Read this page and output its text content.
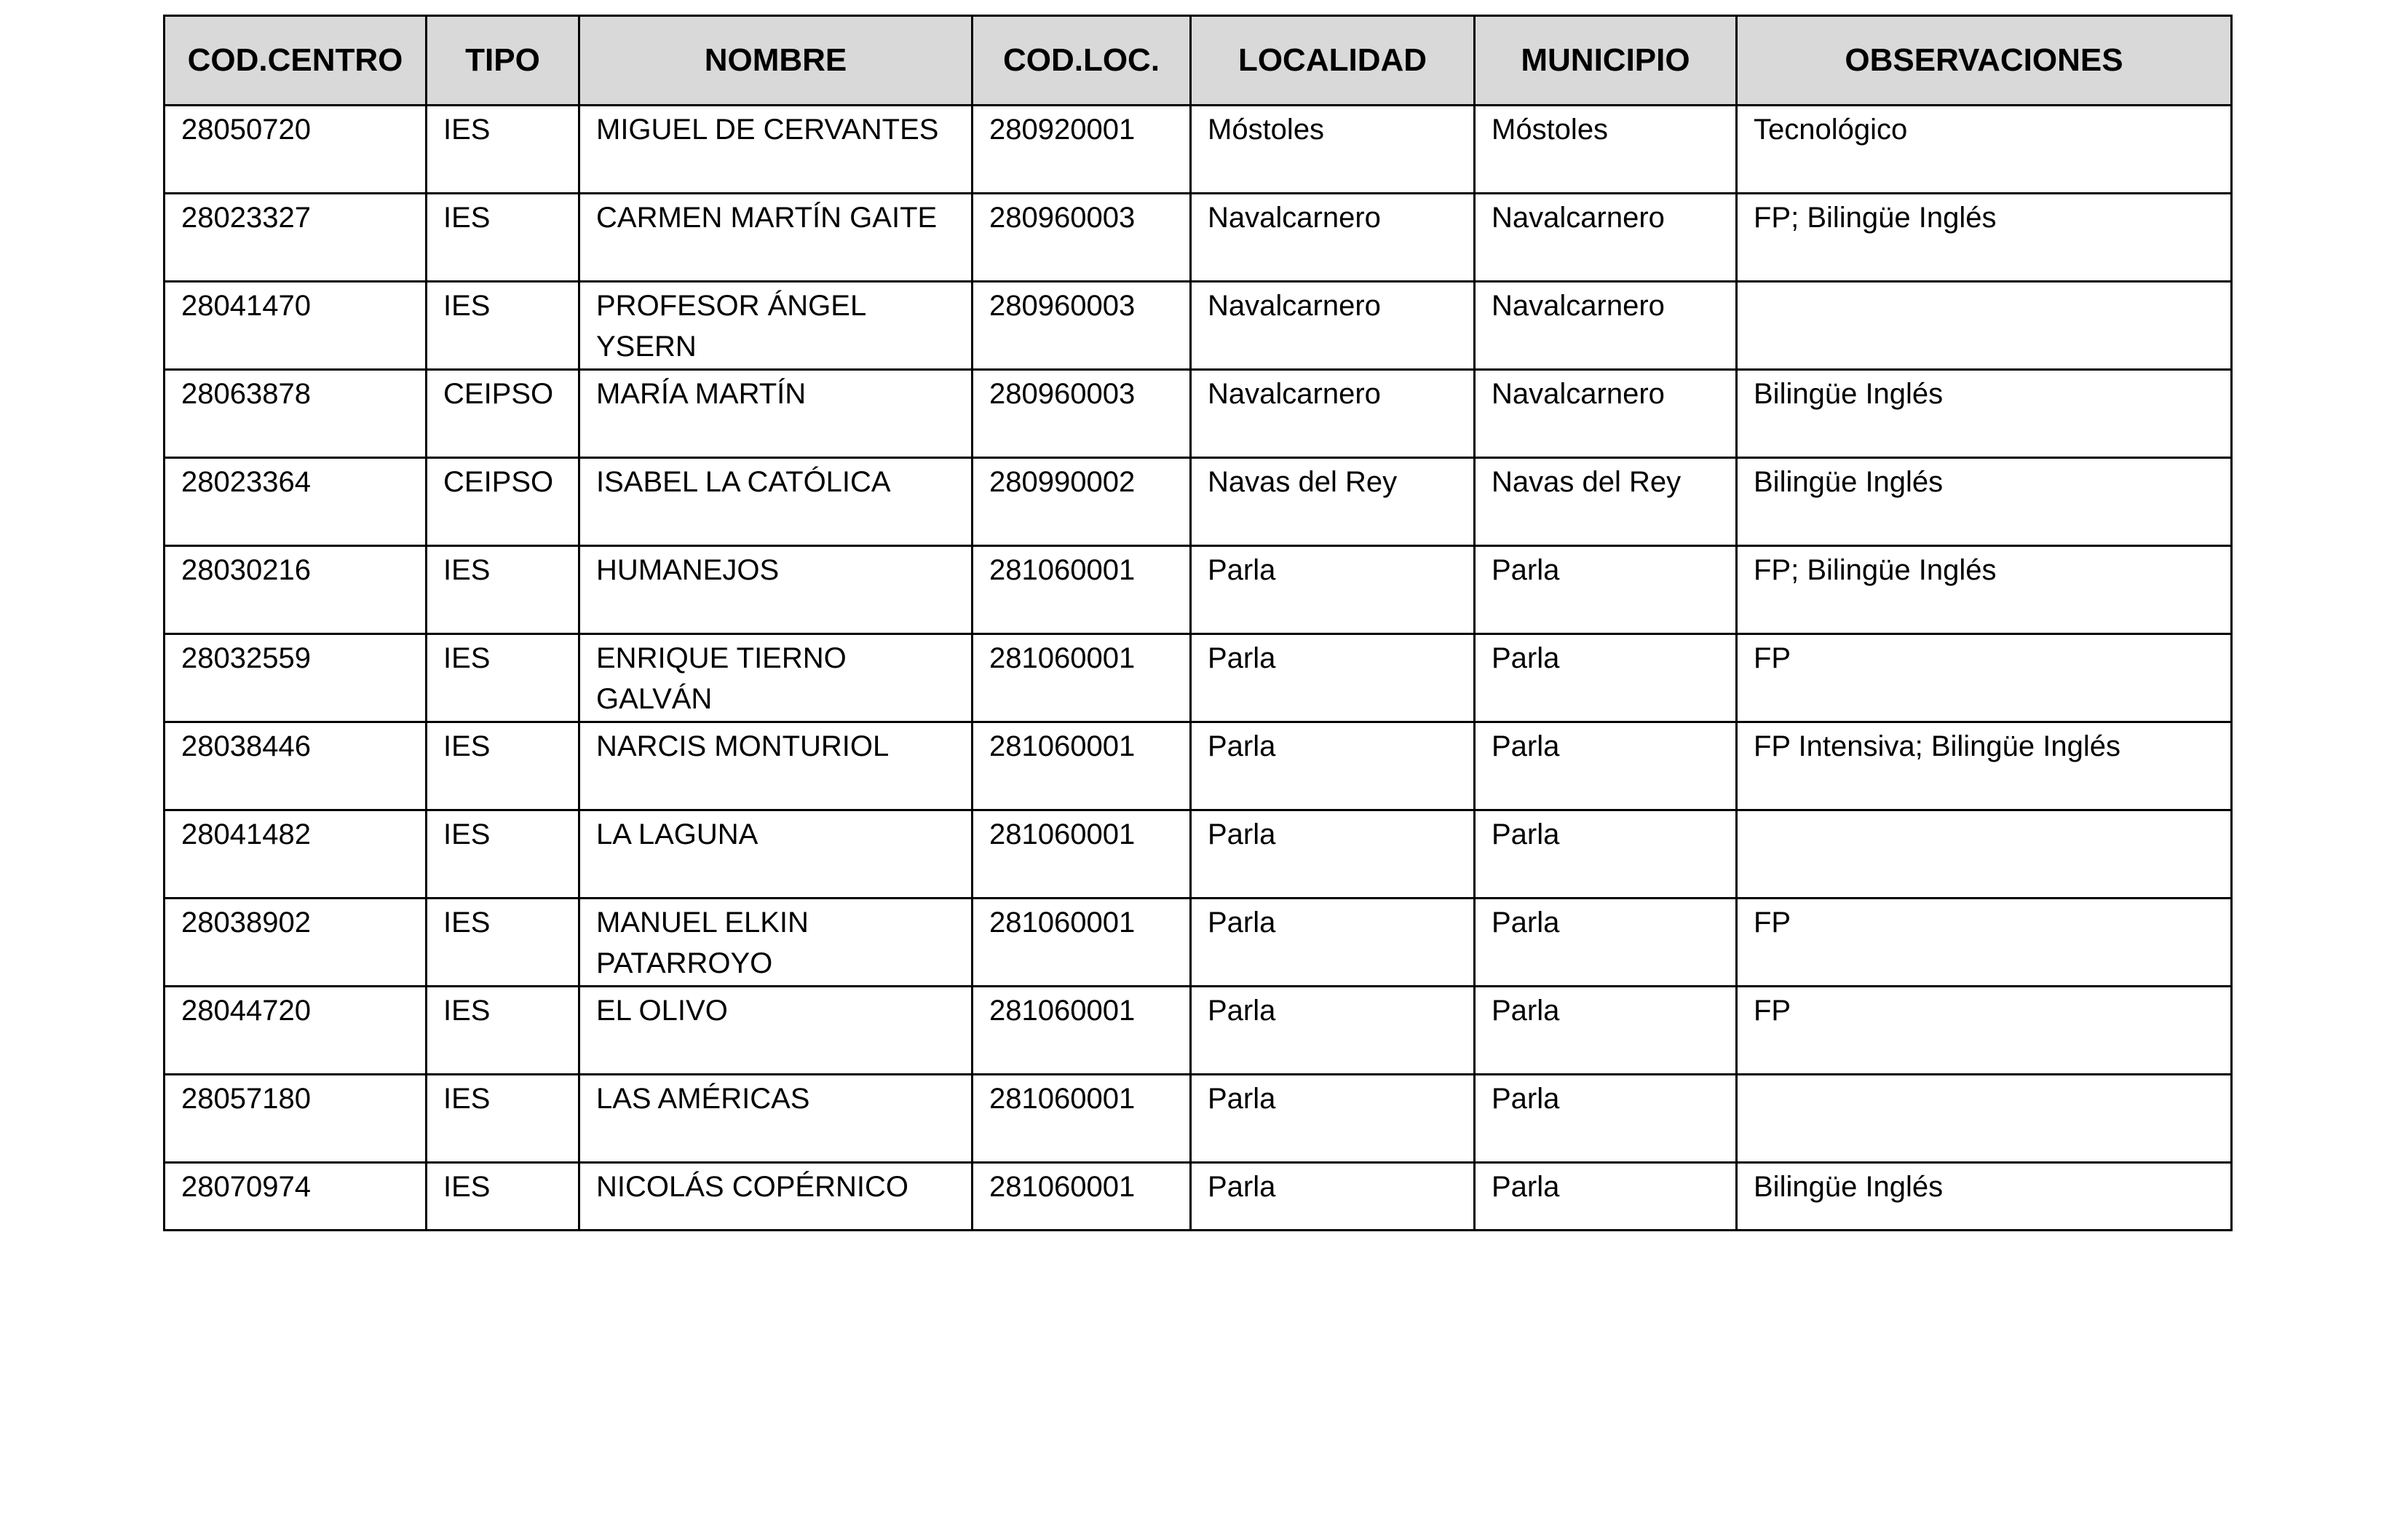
COD.CENTRO	TIPO	NOMBRE	COD.LOC.	LOCALIDAD	MUNICIPIO	OBSERVACIONES
28050720	IES	MIGUEL DE CERVANTES	280920001	Móstoles	Móstoles	Tecnológico
28023327	IES	CARMEN MARTÍN GAITE	280960003	Navalcarnero	Navalcarnero	FP; Bilingüe Inglés
28041470	IES	PROFESOR ÁNGEL YSERN	280960003	Navalcarnero	Navalcarnero	
28063878	CEIPSO	MARÍA MARTÍN	280960003	Navalcarnero	Navalcarnero	Bilingüe Inglés
28023364	CEIPSO	ISABEL LA CATÓLICA	280990002	Navas del Rey	Navas del Rey	Bilingüe Inglés
28030216	IES	HUMANEJOS	281060001	Parla	Parla	FP; Bilingüe Inglés
28032559	IES	ENRIQUE TIERNO GALVÁN	281060001	Parla	Parla	FP
28038446	IES	NARCIS MONTURIOL	281060001	Parla	Parla	FP Intensiva; Bilingüe Inglés
28041482	IES	LA LAGUNA	281060001	Parla	Parla	
28038902	IES	MANUEL ELKIN PATARROYO	281060001	Parla	Parla	FP
28044720	IES	EL OLIVO	281060001	Parla	Parla	FP
28057180	IES	LAS AMÉRICAS	281060001	Parla	Parla	
28070974	IES	NICOLÁS COPÉRNICO	281060001	Parla	Parla	Bilingüe Inglés
